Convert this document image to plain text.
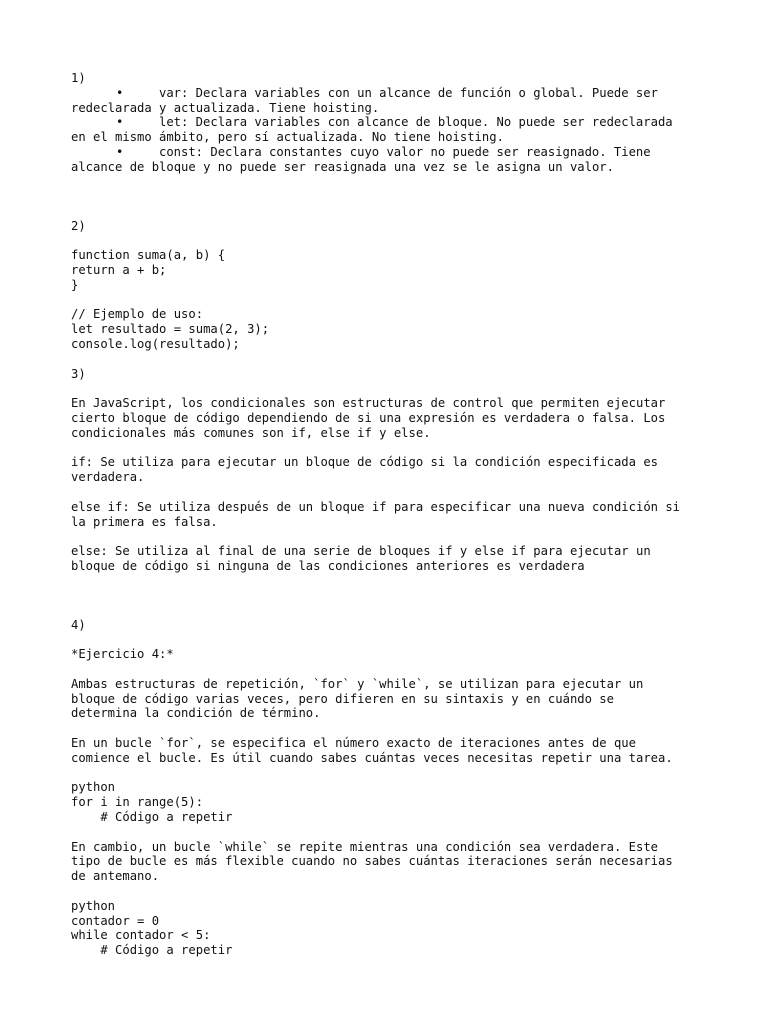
1)

•

	var: Declara variables con un alcance de función o global. Puede ser

redeclarada y actualizada. Tiene hoisting.

•

	let: Declara variables con alcance de bloque. No puede ser redeclarada

en el mismo ámbito, pero sí actualizada. No tiene hoisting.

•

	const: Declara constantes cuyo valor no puede ser reasignado. Tiene

alcance de bloque y no puede ser reasignada una vez se le asigna un valor.
2)
function suma(a, b) {
return a + b;
}
// Ejemplo de uso:
let resultado = suma(2, 3);
console.log(resultado);
3)
En JavaScript, los condicionales son estructuras de control que permiten ejecutar
cierto bloque de código dependiendo de si una expresión es verdadera o falsa. Los
condicionales más comunes son if, else if y else.
if: Se utiliza para ejecutar un bloque de código si la condición especificada es
verdadera.
else if: Se utiliza después de un bloque if para especificar una nueva condición si
la primera es falsa.
else: Se utiliza al final de una serie de bloques if y else if para ejecutar un
bloque de código si ninguna de las condiciones anteriores es verdadera
4)
*Ejercicio 4:*
Ambas estructuras de repetición, `for` y `while`, se utilizan para ejecutar un
bloque de código varias veces, pero difieren en su sintaxis y en cuándo se
determina la condición de término.
En un bucle `for`, se especifica el número exacto de iteraciones antes de que
comience el bucle. Es útil cuando sabes cuántas veces necesitas repetir una tarea.
python
for i in range(5):
# Código a repetir
En cambio, un bucle `while` se repite mientras una condición sea verdadera. Este
tipo de bucle es más flexible cuando no sabes cuántas iteraciones serán necesarias
de antemano.
python
contador = 0
while contador < 5:
# Código a repetir
